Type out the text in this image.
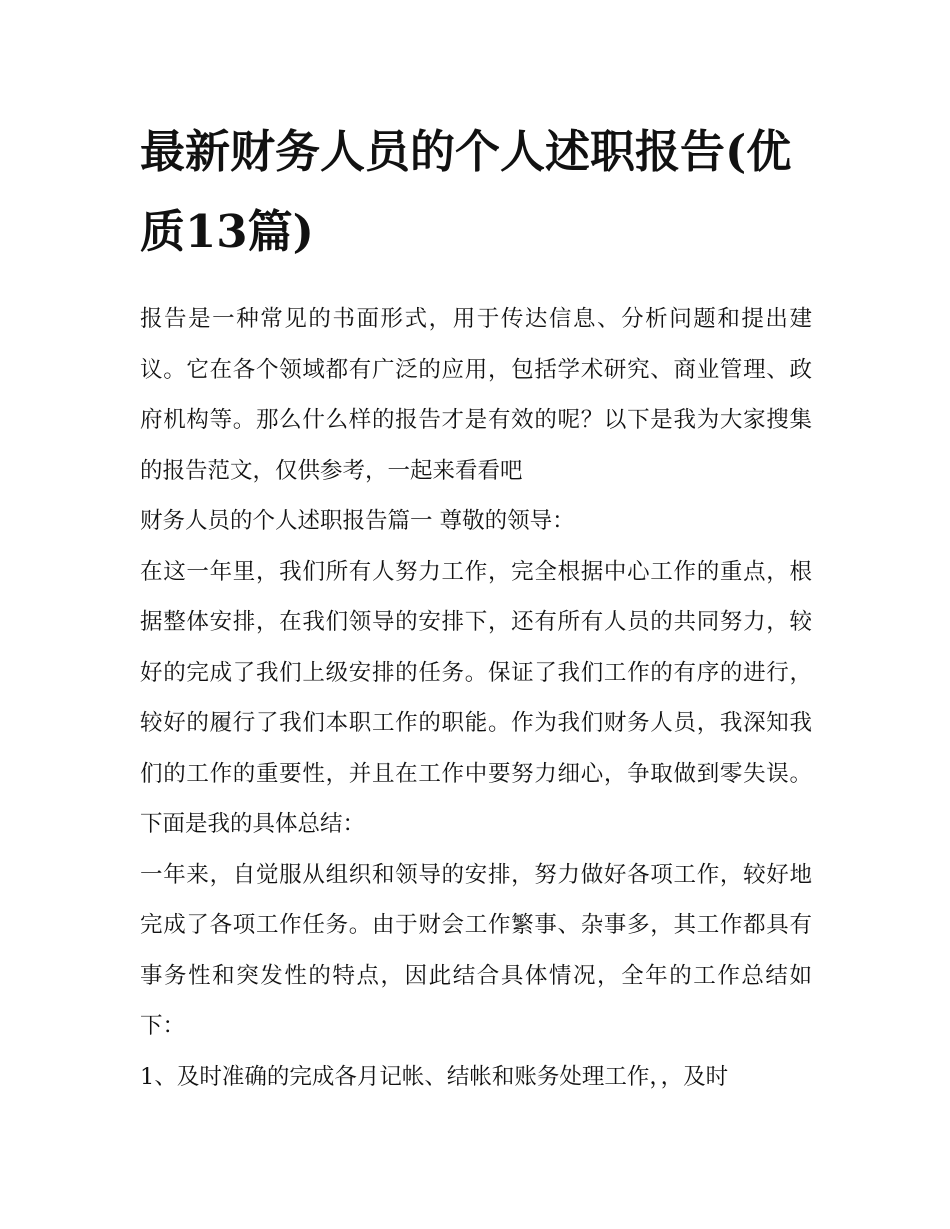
最新财务人员的个人述职报告(优质13篇)

报告是一种常见的书面形式，用于传达信息、分析问题和提出建议。它在各个领域都有广泛的应用，包括学术研究、商业管理、政府机构等。那么什么样的报告才是有效的呢？以下是我为大家搜集的报告范文，仅供参考，一起来看看吧

财务人员的个人述职报告篇一 尊敬的领导：

在这一年里，我们所有人努力工作，完全根据中心工作的重点，根据整体安排，在我们领导的安排下，还有所有人员的共同努力，较好的完成了我们上级安排的任务。保证了我们工作的有序的进行，较好的履行了我们本职工作的职能。作为我们财务人员，我深知我们的工作的重要性，并且在工作中要努力细心，争取做到零失误。下面是我的具体总结：

一年来，自觉服从组织和领导的安排，努力做好各项工作，较好地完成了各项工作任务。由于财会工作繁事、杂事多，其工作都具有事务性和突发性的特点，因此结合具体情况，全年的工作总结如下：

1、及时准确的完成各月记帐、结帐和账务处理工作，，及时
